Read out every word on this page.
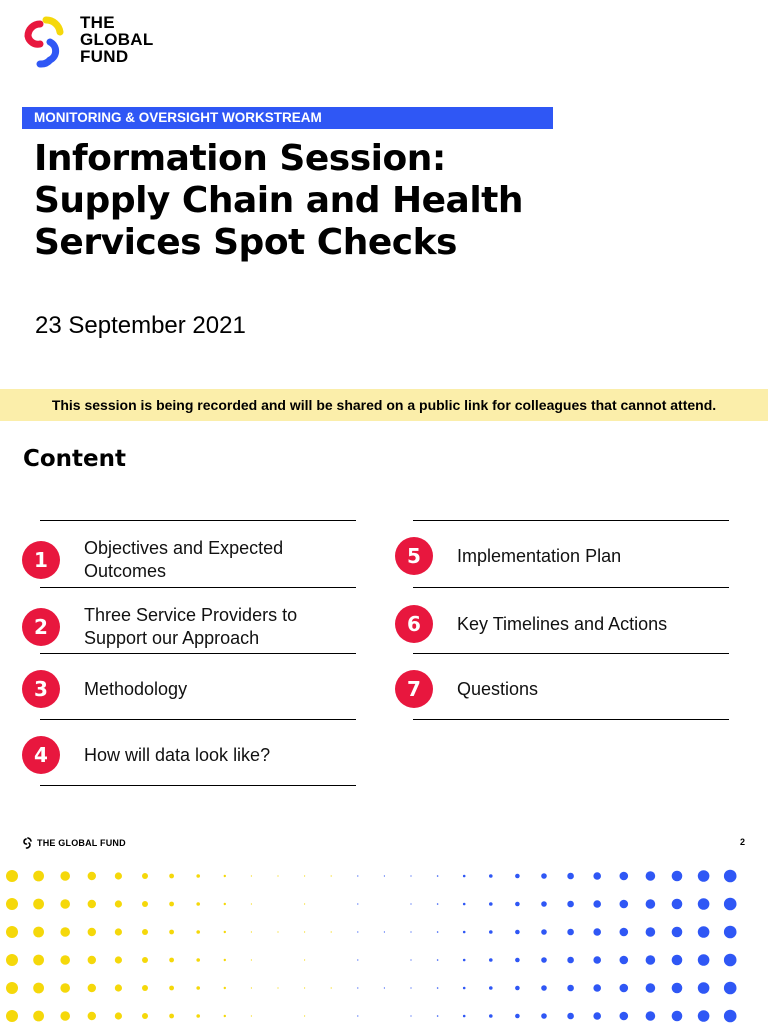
THE
GLOBAL
FUND
MONITORING & OVERSIGHT WORKSTREAM
Information Session:
Supply Chain and Health
Services Spot Checks
23 September 2021
This session is being recorded and will be shared on a public link for colleagues that cannot attend.
Content
1	Objectives and Expected
Outcomes
2	Three Service Providers to
Support our Approach
3	Methodology
4	How will data look like?
5	Implementation Plan
6	Key Timelines and Actions
7	Questions
THE GLOBAL FUND	2
